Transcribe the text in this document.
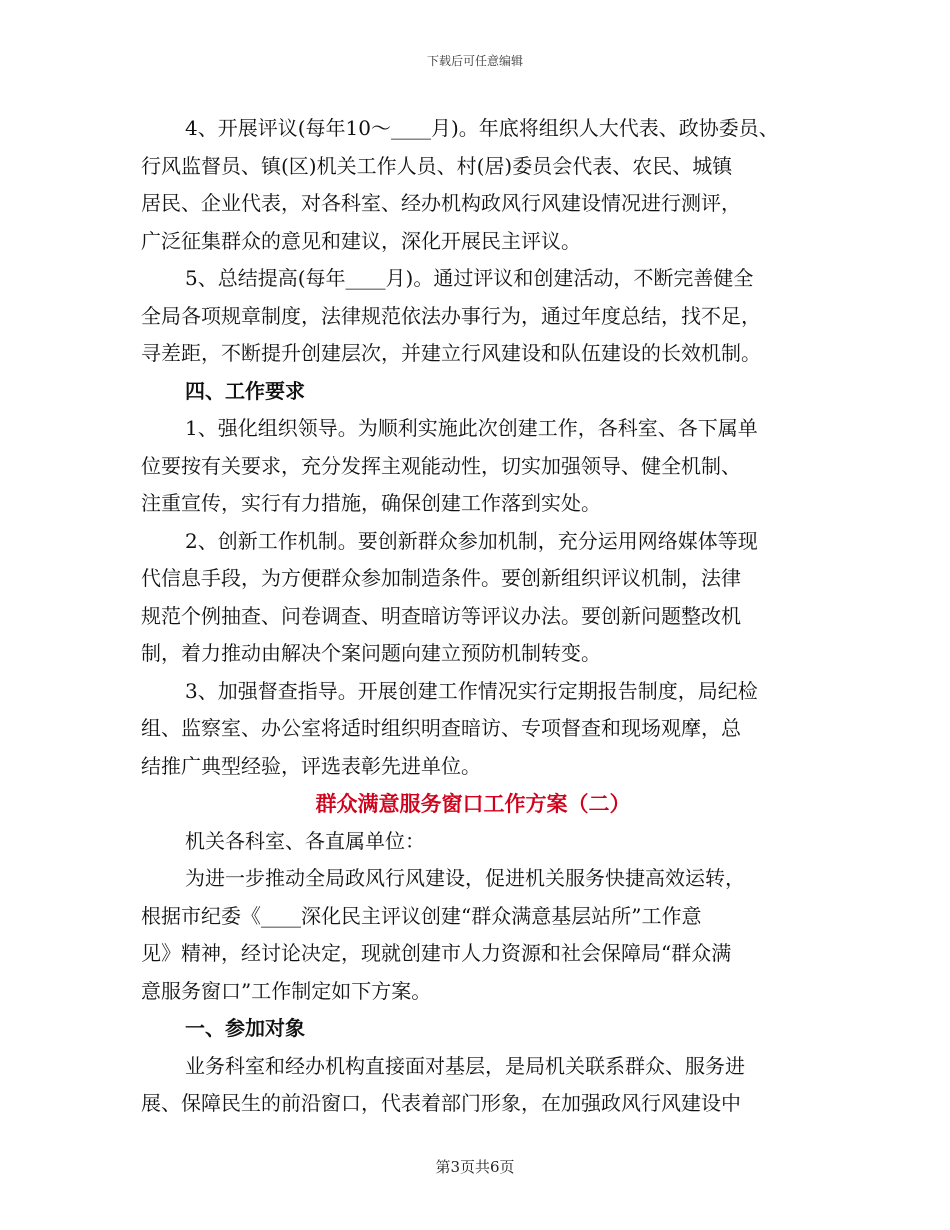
下载后可任意编辑
4、开展评议(每年10～____月)。年底将组织人大代表、政协委员、
行风监督员、镇(区)机关工作人员、村(居)委员会代表、农民、城镇
居民、企业代表，对各科室、经办机构政风行风建设情况进行测评，
广泛征集群众的意见和建议，深化开展民主评议。
5、总结提高(每年____月)。通过评议和创建活动，不断完善健全
全局各项规章制度，法律规范依法办事行为，通过年度总结，找不足，
寻差距，不断提升创建层次，并建立行风建设和队伍建设的长效机制。
四、工作要求
1、强化组织领导。为顺利实施此次创建工作，各科室、各下属单
位要按有关要求，充分发挥主观能动性，切实加强领导、健全机制、
注重宣传，实行有力措施，确保创建工作落到实处。
2、创新工作机制。要创新群众参加机制，充分运用网络媒体等现
代信息手段，为方便群众参加制造条件。要创新组织评议机制，法律
规范个例抽查、问卷调查、明查暗访等评议办法。要创新问题整改机
制，着力推动由解决个案问题向建立预防机制转变。
3、加强督查指导。开展创建工作情况实行定期报告制度，局纪检
组、监察室、办公室将适时组织明查暗访、专项督查和现场观摩，总
结推广典型经验，评选表彰先进单位。
群众满意服务窗口工作方案（二）
机关各科室、各直属单位：
为进一步推动全局政风行风建设，促进机关服务快捷高效运转，
根据市纪委《____深化民主评议创建“群众满意基层站所”工作意
见》精神，经讨论决定，现就创建市人力资源和社会保障局“群众满
意服务窗口”工作制定如下方案。
一、参加对象
业务科室和经办机构直接面对基层，是局机关联系群众、服务进
展、保障民生的前沿窗口，代表着部门形象，在加强政风行风建设中
第3页共6页
